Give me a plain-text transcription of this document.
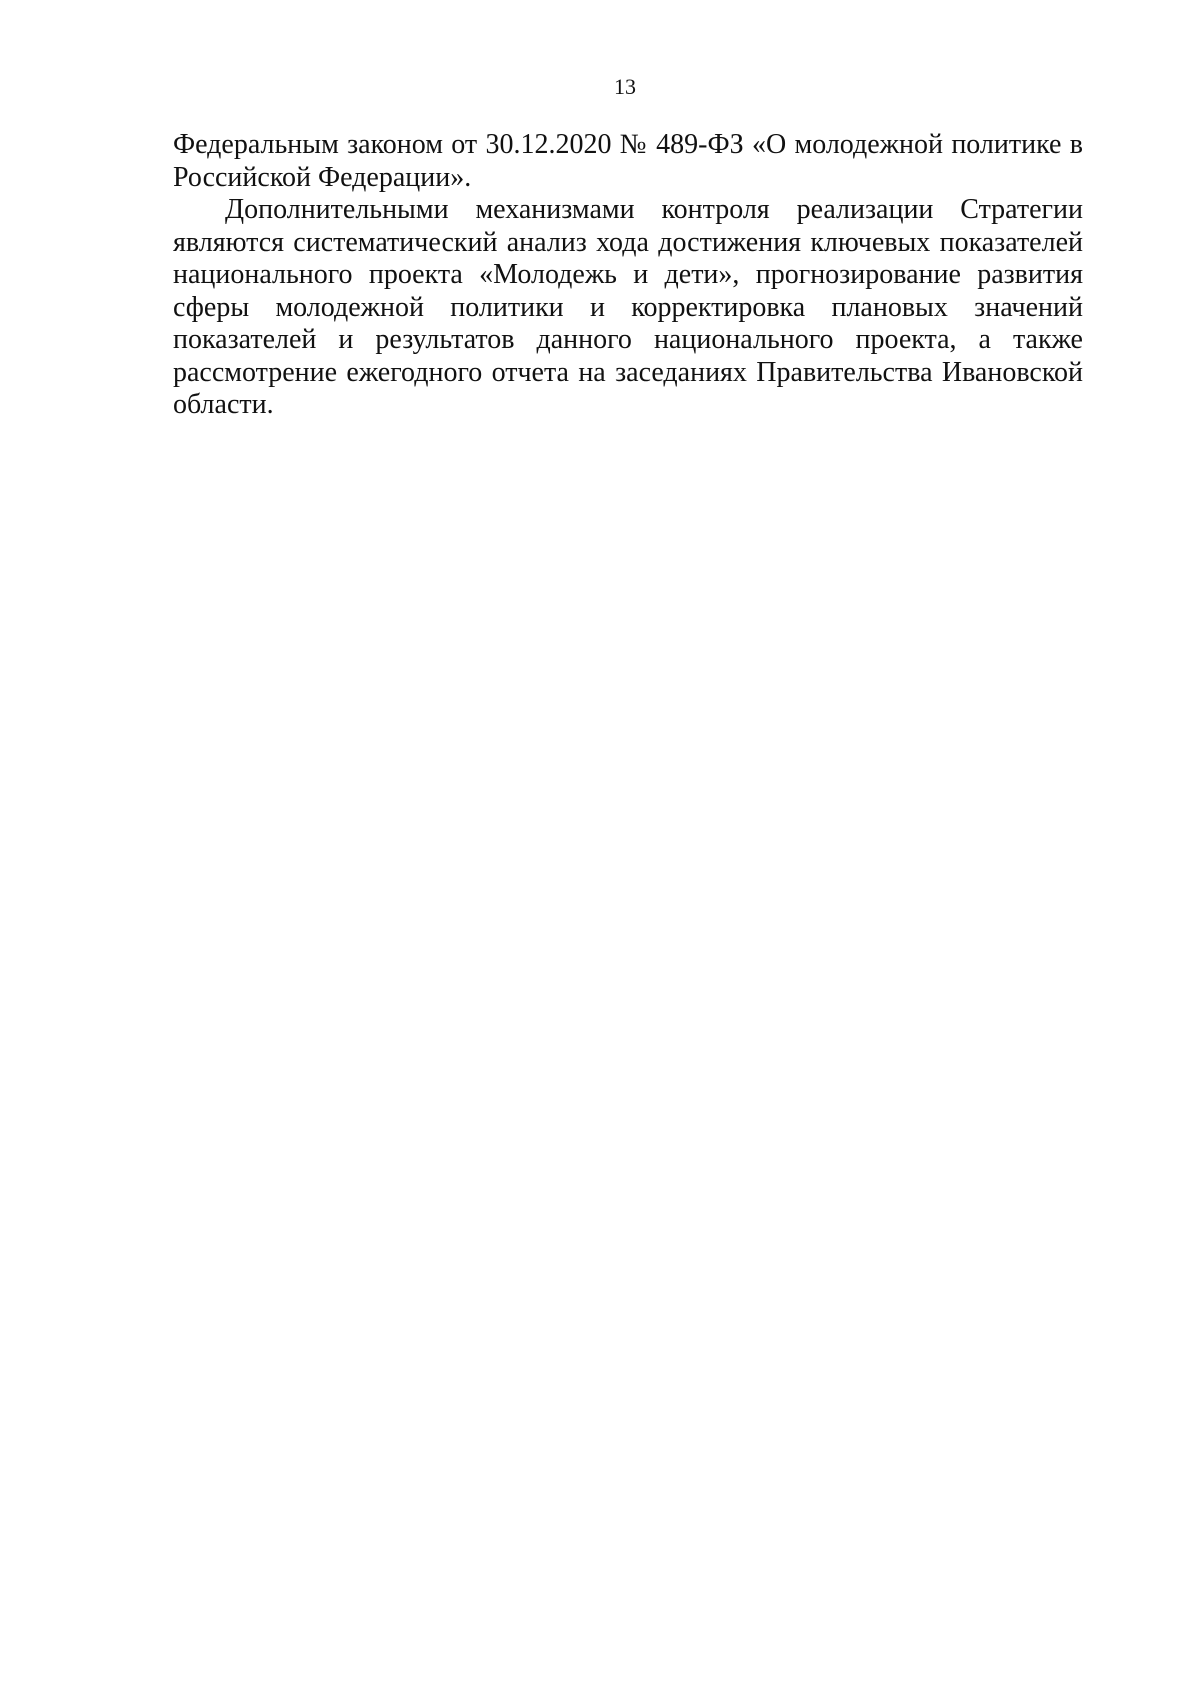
13

Федеральным законом от 30.12.2020 № 489-ФЗ «О молодежной политике в Российской Федерации».

Дополнительными механизмами контроля реализации Стратегии являются систематический анализ хода достижения ключевых показателей национального проекта «Молодежь и дети», прогнозирование развития сферы молодежной политики и корректировка плановых значений показателей и результатов данного национального проекта, а также рассмотрение ежегодного отчета на заседаниях Правительства Ивановской области.
